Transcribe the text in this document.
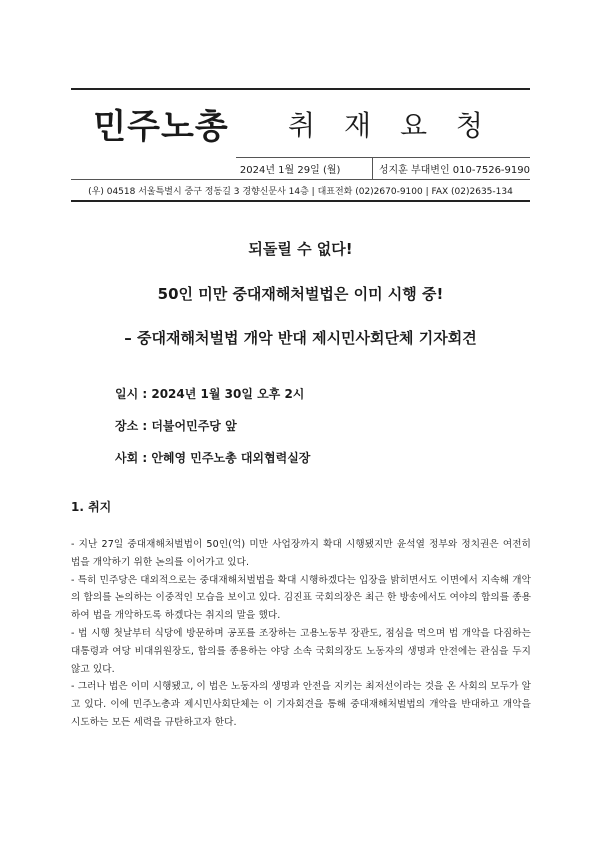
민주노총	취 재 요 청
2024년 1월 29일 (월)	성지훈 부대변인 010-7526-9190
(우) 04518 서울특별시 중구 정동길 3 경향신문사 14층 | 대표전화 (02)2670-9100 | FAX (02)2635-134
되돌릴 수 없다!
50인 미만 중대재해처벌법은 이미 시행 중!
– 중대재해처벌법 개악 반대 제시민사회단체 기자회견
일시 : 2024년 1월 30일 오후 2시
장소 : 더불어민주당 앞
사회 : 안혜영 민주노총 대외협력실장
1. 취지

- 지난 27일 중대재해처벌법이 50인(억) 미만 사업장까지 확대 시행됐지만 윤석열 정부와 정치권은 여전히 법을 개악하기 위한 논의를 이어가고 있다.

- 특히 민주당은 대외적으로는 중대재해처벌법을 확대 시행하겠다는 입장을 밝히면서도 이면에서 지속해 개악의 합의를 논의하는 이중적인 모습을 보이고 있다. 김진표 국회의장은 최근 한 방송에서도 여야의 합의를 종용하여 법을 개악하도록 하겠다는 취지의 말을 했다.

- 법 시행 첫날부터 식당에 방문하며 공포를 조장하는 고용노동부 장관도, 점심을 먹으며 법 개악을 다짐하는 대통령과 여당 비대위원장도, 합의를 종용하는 야당 소속 국회의장도 노동자의 생명과 안전에는 관심을 두지 않고 있다.

- 그러나 법은 이미 시행됐고, 이 법은 노동자의 생명과 안전을 지키는 최저선이라는 것을 온 사회의 모두가 알고 있다. 이에 민주노총과 제시민사회단체는 이 기자회견을 통해 중대재해처벌법의 개악을 반대하고 개악을 시도하는 모든 세력을 규탄하고자 한다.
